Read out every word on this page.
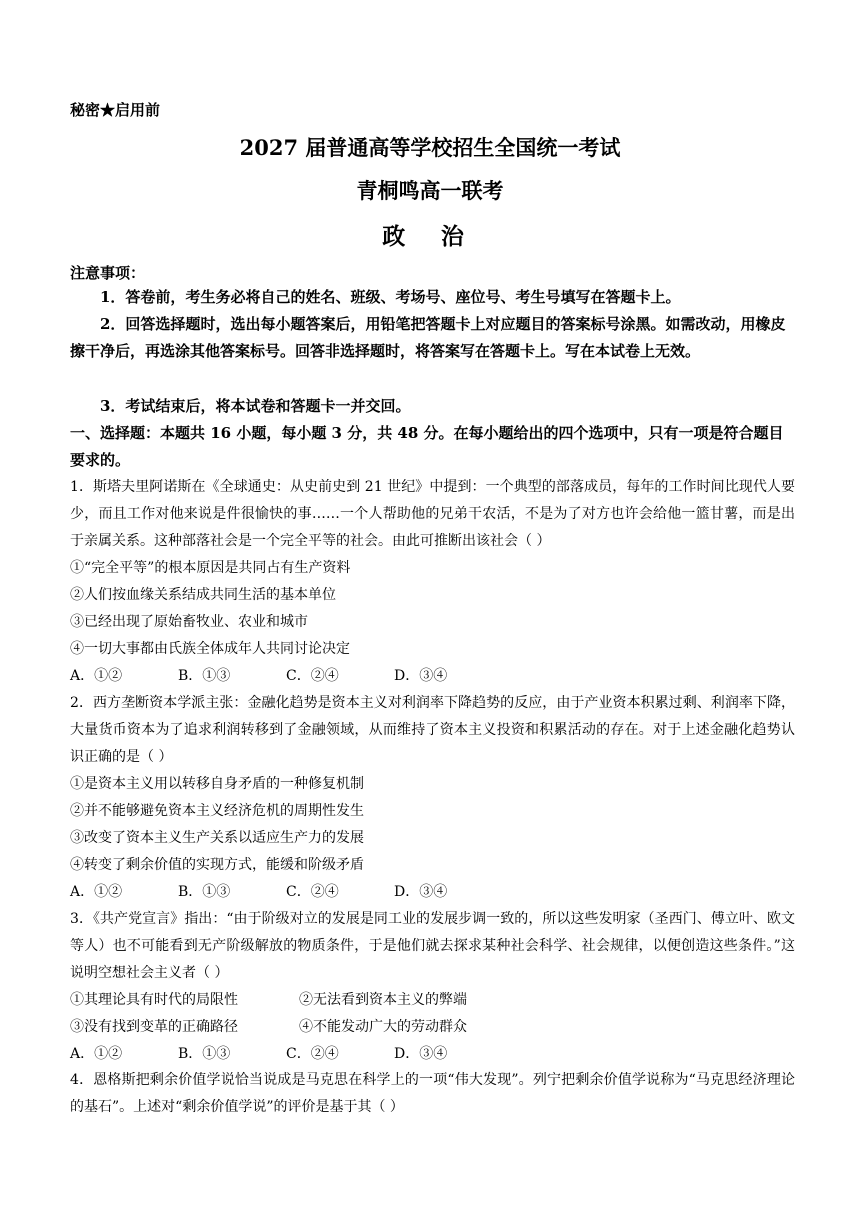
秘密★启用前
2027 届普通高等学校招生全国统一考试
青桐鸣高一联考
政 治
注意事项：
1．答卷前，考生务必将自己的姓名、班级、考场号、座位号、考生号填写在答题卡上。
2．回答选择题时，选出每小题答案后，用铅笔把答题卡上对应题目的答案标号涂黑。如需改动，用橡皮擦干净后，再选涂其他答案标号。回答非选择题时，将答案写在答题卡上。写在本试卷上无效。
3．考试结束后，将本试卷和答题卡一并交回。
一、选择题：本题共 16 小题，每小题 3 分，共 48 分。在每小题给出的四个选项中，只有一项是符合题目要求的。

1．斯塔夫里阿诺斯在《全球通史：从史前史到 21 世纪》中提到：一个典型的部落成员，每年的工作时间比现代人要少，而且工作对他来说是件很愉快的事……一个人帮助他的兄弟干农活，不是为了对方也许会给他一篮甘薯，而是出于亲属关系。这种部落社会是一个完全平等的社会。由此可推断出该社会（ ）

①“完全平等”的根本原因是共同占有生产资料

②人们按血缘关系结成共同生活的基本单位

③已经出现了原始畜牧业、农业和城市

④一切大事都由氏族全体成年人共同讨论决定

A．①②	B．①③	C．②④	D．③④

2．西方垄断资本学派主张：金融化趋势是资本主义对利润率下降趋势的反应，由于产业资本积累过剩、利润率下降，大量货币资本为了追求利润转移到了金融领域，从而维持了资本主义投资和积累活动的存在。对于上述金融化趋势认识正确的是（ ）

①是资本主义用以转移自身矛盾的一种修复机制

②并不能够避免资本主义经济危机的周期性发生

③改变了资本主义生产关系以适应生产力的发展

④转变了剩余价值的实现方式，能缓和阶级矛盾

A．①②	B．①③	C．②④	D．③④

3．《共产党宣言》指出：“由于阶级对立的发展是同工业的发展步调一致的，所以这些发明家（圣西门、傅立叶、欧文等人）也不可能看到无产阶级解放的物质条件，于是他们就去探求某种社会科学、社会规律，以便创造这些条件。”这说明空想社会主义者（ ）

①其理论具有时代的局限性	②无法看到资本主义的弊端
③没有找到变革的正确路径	④不能发动广大的劳动群众
A．①②	B．①③	C．②④	D．③④

4．恩格斯把剩余价值学说恰当说成是马克思在科学上的一项“伟大发现”。列宁把剩余价值学说称为“马克思经济理论的基石”。上述对“剩余价值学说”的评价是基于其（ ）
